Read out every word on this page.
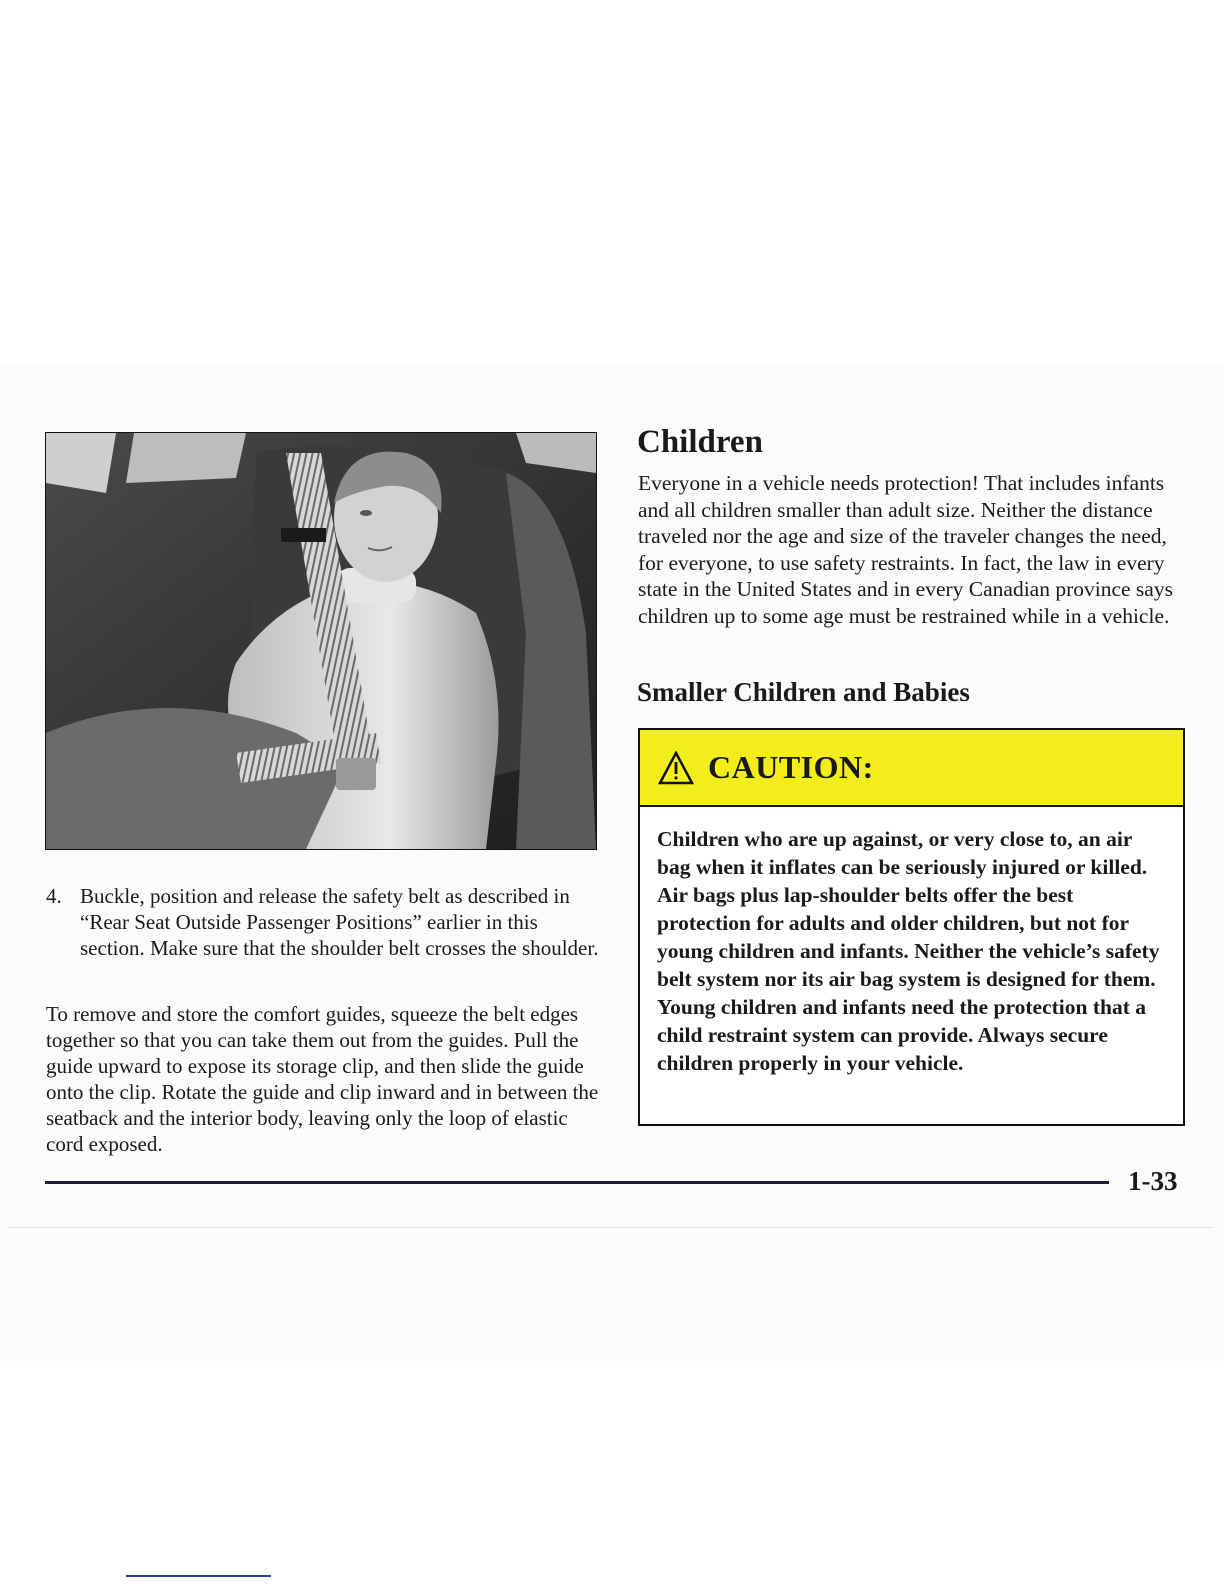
4. Buckle, position and release the safety belt as described in “Rear Seat Outside Passenger Positions” earlier in this section. Make sure that the shoulder belt crosses the shoulder.

To remove and store the comfort guides, squeeze the belt edges together so that you can take them out from the guides. Pull the guide upward to expose its storage clip, and then slide the guide onto the clip. Rotate the guide and clip inward and in between the seatback and the interior body, leaving only the loop of elastic cord exposed.

Children

Everyone in a vehicle needs protection! That includes infants and all children smaller than adult size. Neither the distance traveled nor the age and size of the traveler changes the need, for everyone, to use safety restraints. In fact, the law in every state in the United States and in every Canadian province says children up to some age must be restrained while in a vehicle.

Smaller Children and Babies
CAUTION:

Children who are up against, or very close to, an air bag when it inflates can be seriously injured or killed. Air bags plus lap-shoulder belts offer the best protection for adults and older children, but not for young children and infants. Neither the vehicle’s safety belt system nor its air bag system is designed for them. Young children and infants need the protection that a child restraint system can provide. Always secure children properly in your vehicle.

1-33
